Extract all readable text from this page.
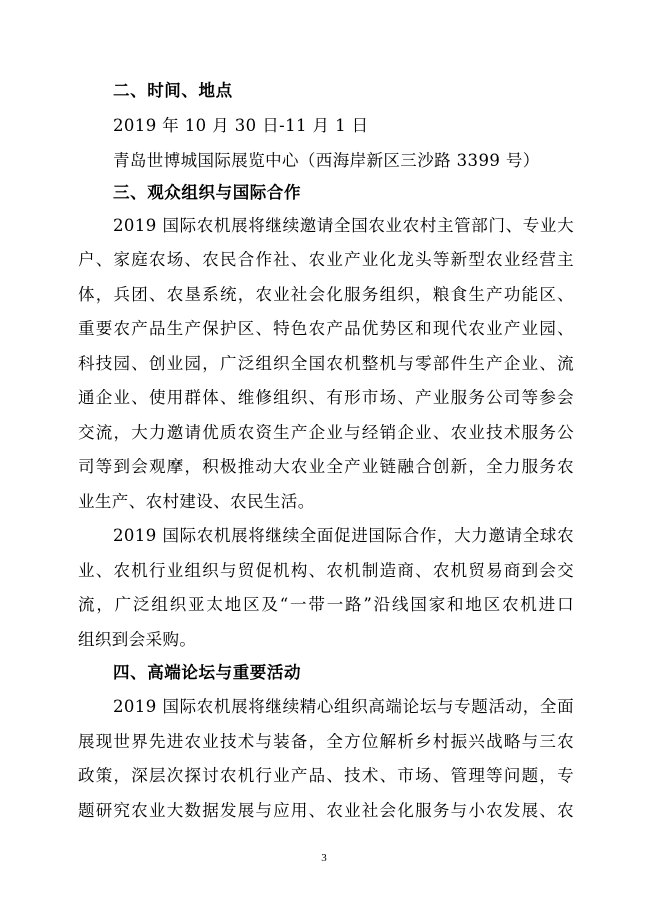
二、时间、地点
2019 年 10 月 30 日-11 月 1 日
青岛世博城国际展览中心（西海岸新区三沙路 3399 号）
三、观众组织与国际合作
2019 国际农机展将继续邀请全国农业农村主管部门、专业大
户、家庭农场、农民合作社、农业产业化龙头等新型农业经营主
体，兵团、农垦系统，农业社会化服务组织，粮食生产功能区、
重要农产品生产保护区、特色农产品优势区和现代农业产业园、
科技园、创业园，广泛组织全国农机整机与零部件生产企业、流
通企业、使用群体、维修组织、有形市场、产业服务公司等参会
交流，大力邀请优质农资生产企业与经销企业、农业技术服务公
司等到会观摩，积极推动大农业全产业链融合创新，全力服务农
业生产、农村建设、农民生活。
2019 国际农机展将继续全面促进国际合作，大力邀请全球农
业、农机行业组织与贸促机构、农机制造商、农机贸易商到会交
流，广泛组织亚太地区及“一带一路”沿线国家和地区农机进口
组织到会采购。
四、高端论坛与重要活动
2019 国际农机展将继续精心组织高端论坛与专题活动，全面
展现世界先进农业技术与装备，全方位解析乡村振兴战略与三农
政策，深层次探讨农机行业产品、技术、市场、管理等问题，专
题研究农业大数据发展与应用、农业社会化服务与小农发展、农
3
